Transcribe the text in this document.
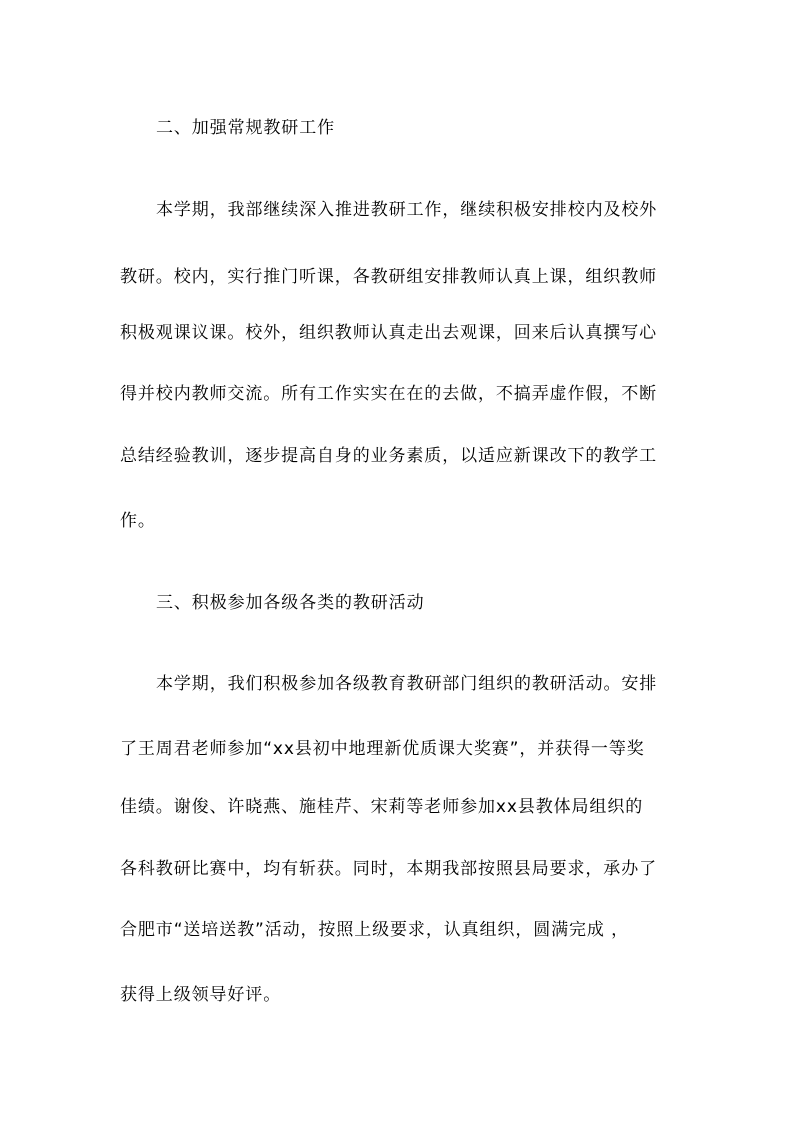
二、加强常规教研工作
本学期，我部继续深入推进教研工作，继续积极安排校内及校外
教研。校内，实行推门听课，各教研组安排教师认真上课，组织教师
积极观课议课。校外，组织教师认真走出去观课，回来后认真撰写心
得并校内教师交流。所有工作实实在在的去做，不搞弄虚作假，不断
总结经验教训，逐步提高自身的业务素质，以适应新课改下的教学工
作。
三、积极参加各级各类的教研活动
本学期，我们积极参加各级教育教研部门组织的教研活动。安排
了王周君老师参加“xx县初中地理新优质课大奖赛”，并获得一等奖
佳绩。谢俊、许晓燕、施桂芹、宋莉等老师参加xx县教体局组织的
各科教研比赛中，均有斩获。同时，本期我部按照县局要求，承办了
合肥市“送培送教”活动，按照上级要求，认真组织，圆满完成 ，
获得上级领导好评。
